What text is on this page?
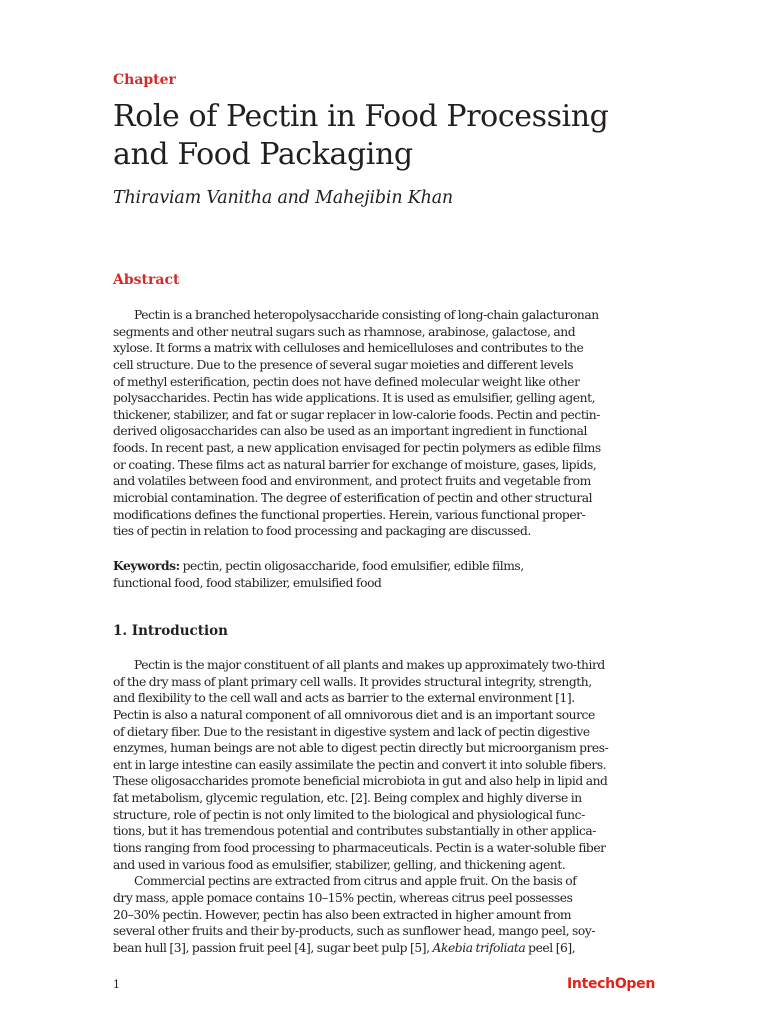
Chapter
Role of Pectin in Food Processing
and Food Packaging
Thiraviam Vanitha and Mahejibin Khan
Abstract
Pectin is a branched heteropolysaccharide consisting of long-chain galacturonan
segments and other neutral sugars such as rhamnose, arabinose, galactose, and
xylose. It forms a matrix with celluloses and hemicelluloses and contributes to the
cell structure. Due to the presence of several sugar moieties and different levels
of methyl esterification, pectin does not have defined molecular weight like other
polysaccharides. Pectin has wide applications. It is used as emulsifier, gelling agent,
thickener, stabilizer, and fat or sugar replacer in low-calorie foods. Pectin and pectin-
derived oligosaccharides can also be used as an important ingredient in functional
foods. In recent past, a new application envisaged for pectin polymers as edible films
or coating. These films act as natural barrier for exchange of moisture, gases, lipids,
and volatiles between food and environment, and protect fruits and vegetable from
microbial contamination. The degree of esterification of pectin and other structural
modifications defines the functional properties. Herein, various functional proper-
ties of pectin in relation to food processing and packaging are discussed.
Keywords: pectin, pectin oligosaccharide, food emulsifier, edible films,
functional food, food stabilizer, emulsified food
1. Introduction
Pectin is the major constituent of all plants and makes up approximately two-third
of the dry mass of plant primary cell walls. It provides structural integrity, strength,
and flexibility to the cell wall and acts as barrier to the external environment [1].
Pectin is also a natural component of all omnivorous diet and is an important source
of dietary fiber. Due to the resistant in digestive system and lack of pectin digestive
enzymes, human beings are not able to digest pectin directly but microorganism pres-
ent in large intestine can easily assimilate the pectin and convert it into soluble fibers.
These oligosaccharides promote beneficial microbiota in gut and also help in lipid and
fat metabolism, glycemic regulation, etc. [2]. Being complex and highly diverse in
structure, role of pectin is not only limited to the biological and physiological func-
tions, but it has tremendous potential and contributes substantially in other applica-
tions ranging from food processing to pharmaceuticals. Pectin is a water-soluble fiber
and used in various food as emulsifier, stabilizer, gelling, and thickening agent.
Commercial pectins are extracted from citrus and apple fruit. On the basis of
dry mass, apple pomace contains 10–15% pectin, whereas citrus peel possesses
20–30% pectin. However, pectin has also been extracted in higher amount from
several other fruits and their by-products, such as sunflower head, mango peel, soy-
bean hull [3], passion fruit peel [4], sugar beet pulp [5], Akebia trifoliata peel [6],
1	IntechOpen
